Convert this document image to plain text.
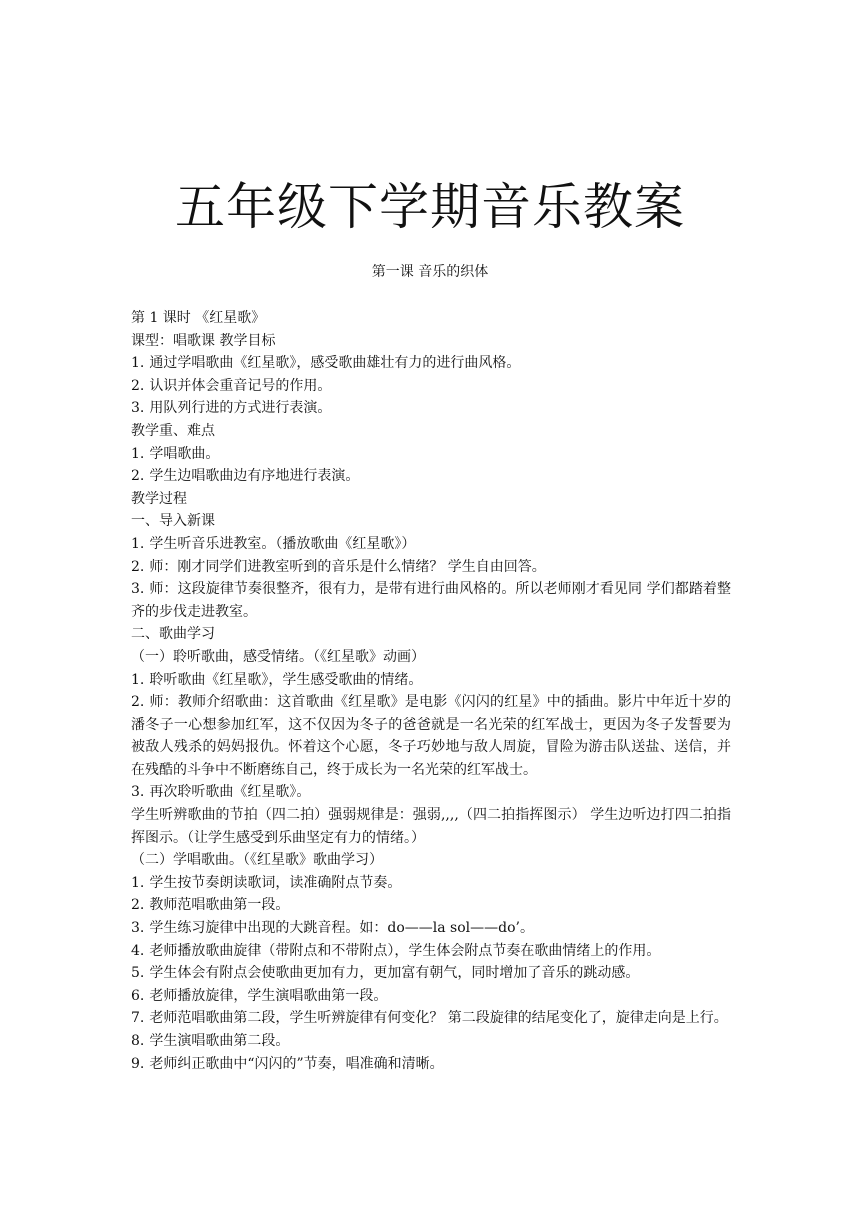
五年级下学期音乐教案

第一课 音乐的织体

第 1 课时 《红星歌》

课型：唱歌课 教学目标

1. 通过学唱歌曲《红星歌》，感受歌曲雄壮有力的进行曲风格。

2. 认识并体会重音记号的作用。

3. 用队列行进的方式进行表演。

教学重、难点

1. 学唱歌曲。

2. 学生边唱歌曲边有序地进行表演。

教学过程

一、导入新课

1. 学生听音乐进教室。（播放歌曲《红星歌》）

2. 师：刚才同学们进教室听到的音乐是什么情绪？ 学生自由回答。

3. 师：这段旋律节奏很整齐，很有力，是带有进行曲风格的。所以老师刚才看见同 学们都踏着整齐的步伐走进教室。

二、歌曲学习

（一）聆听歌曲，感受情绪。（《红星歌》动画）

1. 聆听歌曲《红星歌》，学生感受歌曲的情绪。

2. 师：教师介绍歌曲：这首歌曲《红星歌》是电影《闪闪的红星》中的插曲。影片中年近十岁的潘冬子一心想参加红军，这不仅因为冬子的爸爸就是一名光荣的红军战士，更因为冬子发誓要为被敌人残杀的妈妈报仇。怀着这个心愿，冬子巧妙地与敌人周旋，冒险为游击队送盐、送信，并在残酷的斗争中不断磨练自己，终于成长为一名光荣的红军战士。

3. 再次聆听歌曲《红星歌》。

学生听辨歌曲的节拍（四二拍）强弱规律是：强弱,,,,（四二拍指挥图示） 学生边听边打四二拍指挥图示。（让学生感受到乐曲坚定有力的情绪。）

（二）学唱歌曲。（《红星歌》歌曲学习）

1. 学生按节奏朗读歌词，读准确附点节奏。

2. 教师范唱歌曲第一段。

3. 学生练习旋律中出现的大跳音程。如：do——la sol——do’。

4. 老师播放歌曲旋律（带附点和不带附点），学生体会附点节奏在歌曲情绪上的作用。

5. 学生体会有附点会使歌曲更加有力，更加富有朝气，同时增加了音乐的跳动感。

6. 老师播放旋律，学生演唱歌曲第一段。

7. 老师范唱歌曲第二段，学生听辨旋律有何变化？ 第二段旋律的结尾变化了，旋律走向是上行。

8. 学生演唱歌曲第二段。

9. 老师纠正歌曲中“闪闪的”节奏，唱准确和清晰。
